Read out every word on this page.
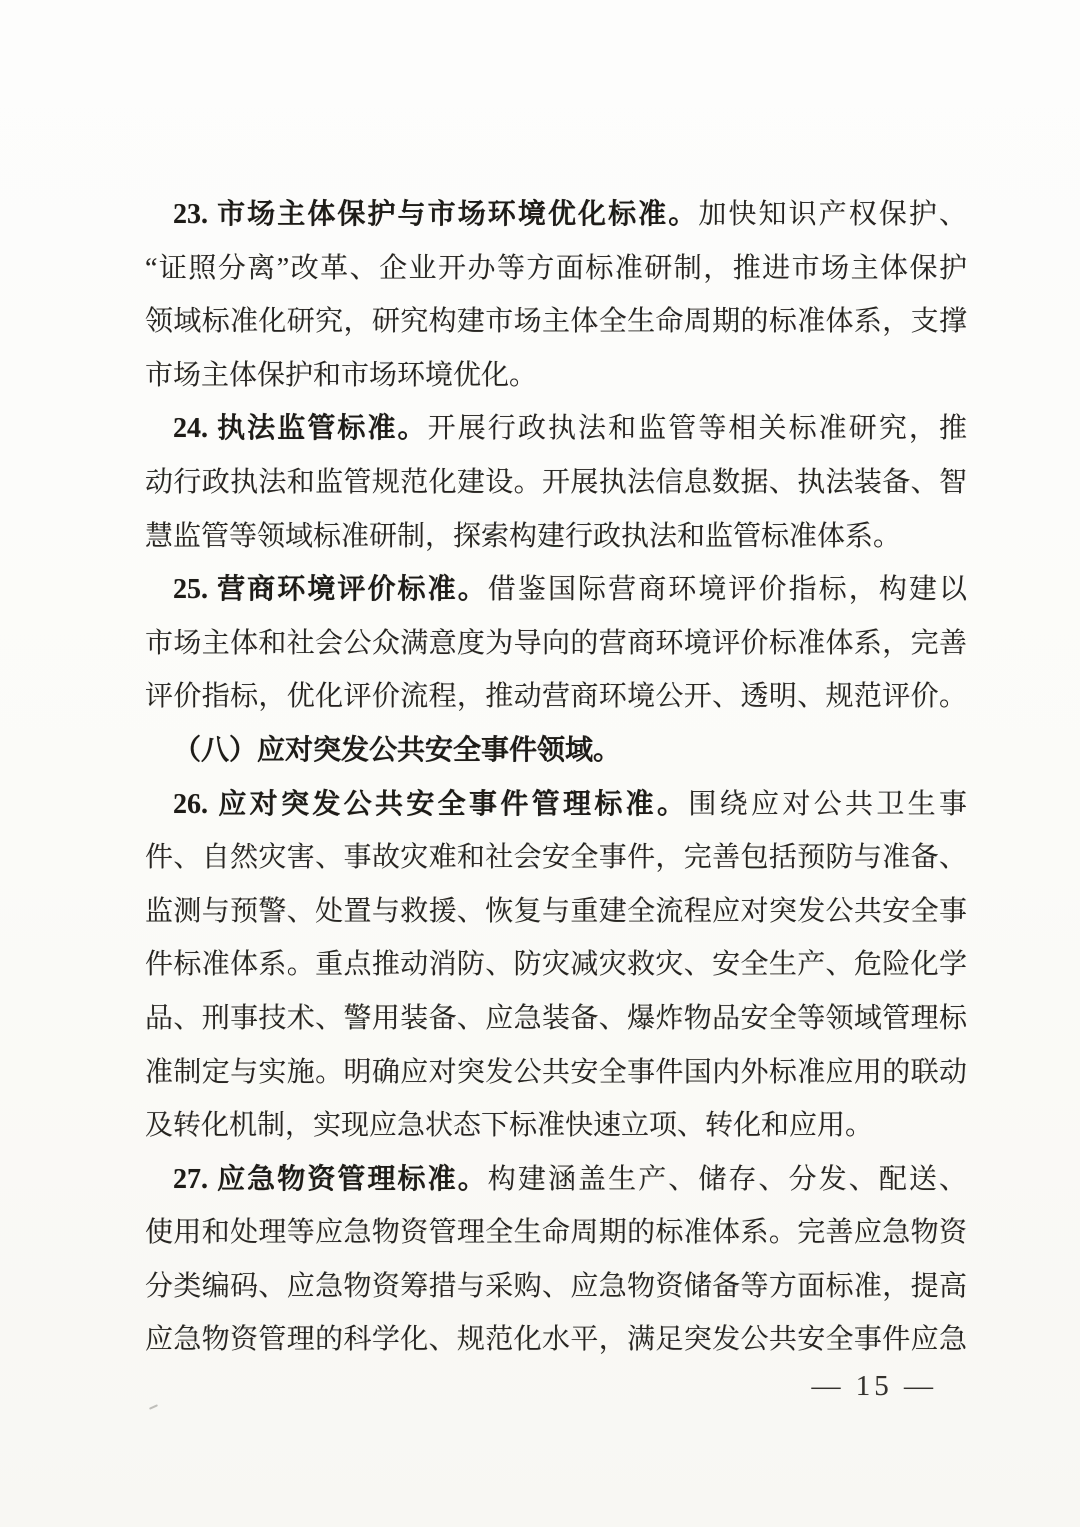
23. 市场主体保护与市场环境优化标准。加快知识产权保护、
“证照分离”改革、企业开办等方面标准研制，推进市场主体保护
领域标准化研究，研究构建市场主体全生命周期的标准体系，支撑
市场主体保护和市场环境优化。
24. 执法监管标准。开展行政执法和监管等相关标准研究，推
动行政执法和监管规范化建设。开展执法信息数据、执法装备、智
慧监管等领域标准研制，探索构建行政执法和监管标准体系。
25. 营商环境评价标准。借鉴国际营商环境评价指标，构建以
市场主体和社会公众满意度为导向的营商环境评价标准体系，完善
评价指标，优化评价流程，推动营商环境公开、透明、规范评价。
（八）应对突发公共安全事件领域。
26. 应对突发公共安全事件管理标准。围绕应对公共卫生事
件、自然灾害、事故灾难和社会安全事件，完善包括预防与准备、
监测与预警、处置与救援、恢复与重建全流程应对突发公共安全事
件标准体系。重点推动消防、防灾减灾救灾、安全生产、危险化学
品、刑事技术、警用装备、应急装备、爆炸物品安全等领域管理标
准制定与实施。明确应对突发公共安全事件国内外标准应用的联动
及转化机制，实现应急状态下标准快速立项、转化和应用。
27. 应急物资管理标准。构建涵盖生产、储存、分发、配送、
使用和处理等应急物资管理全生命周期的标准体系。完善应急物资
分类编码、应急物资筹措与采购、应急物资储备等方面标准，提高
应急物资管理的科学化、规范化水平，满足突发公共安全事件应急
— 15 —
